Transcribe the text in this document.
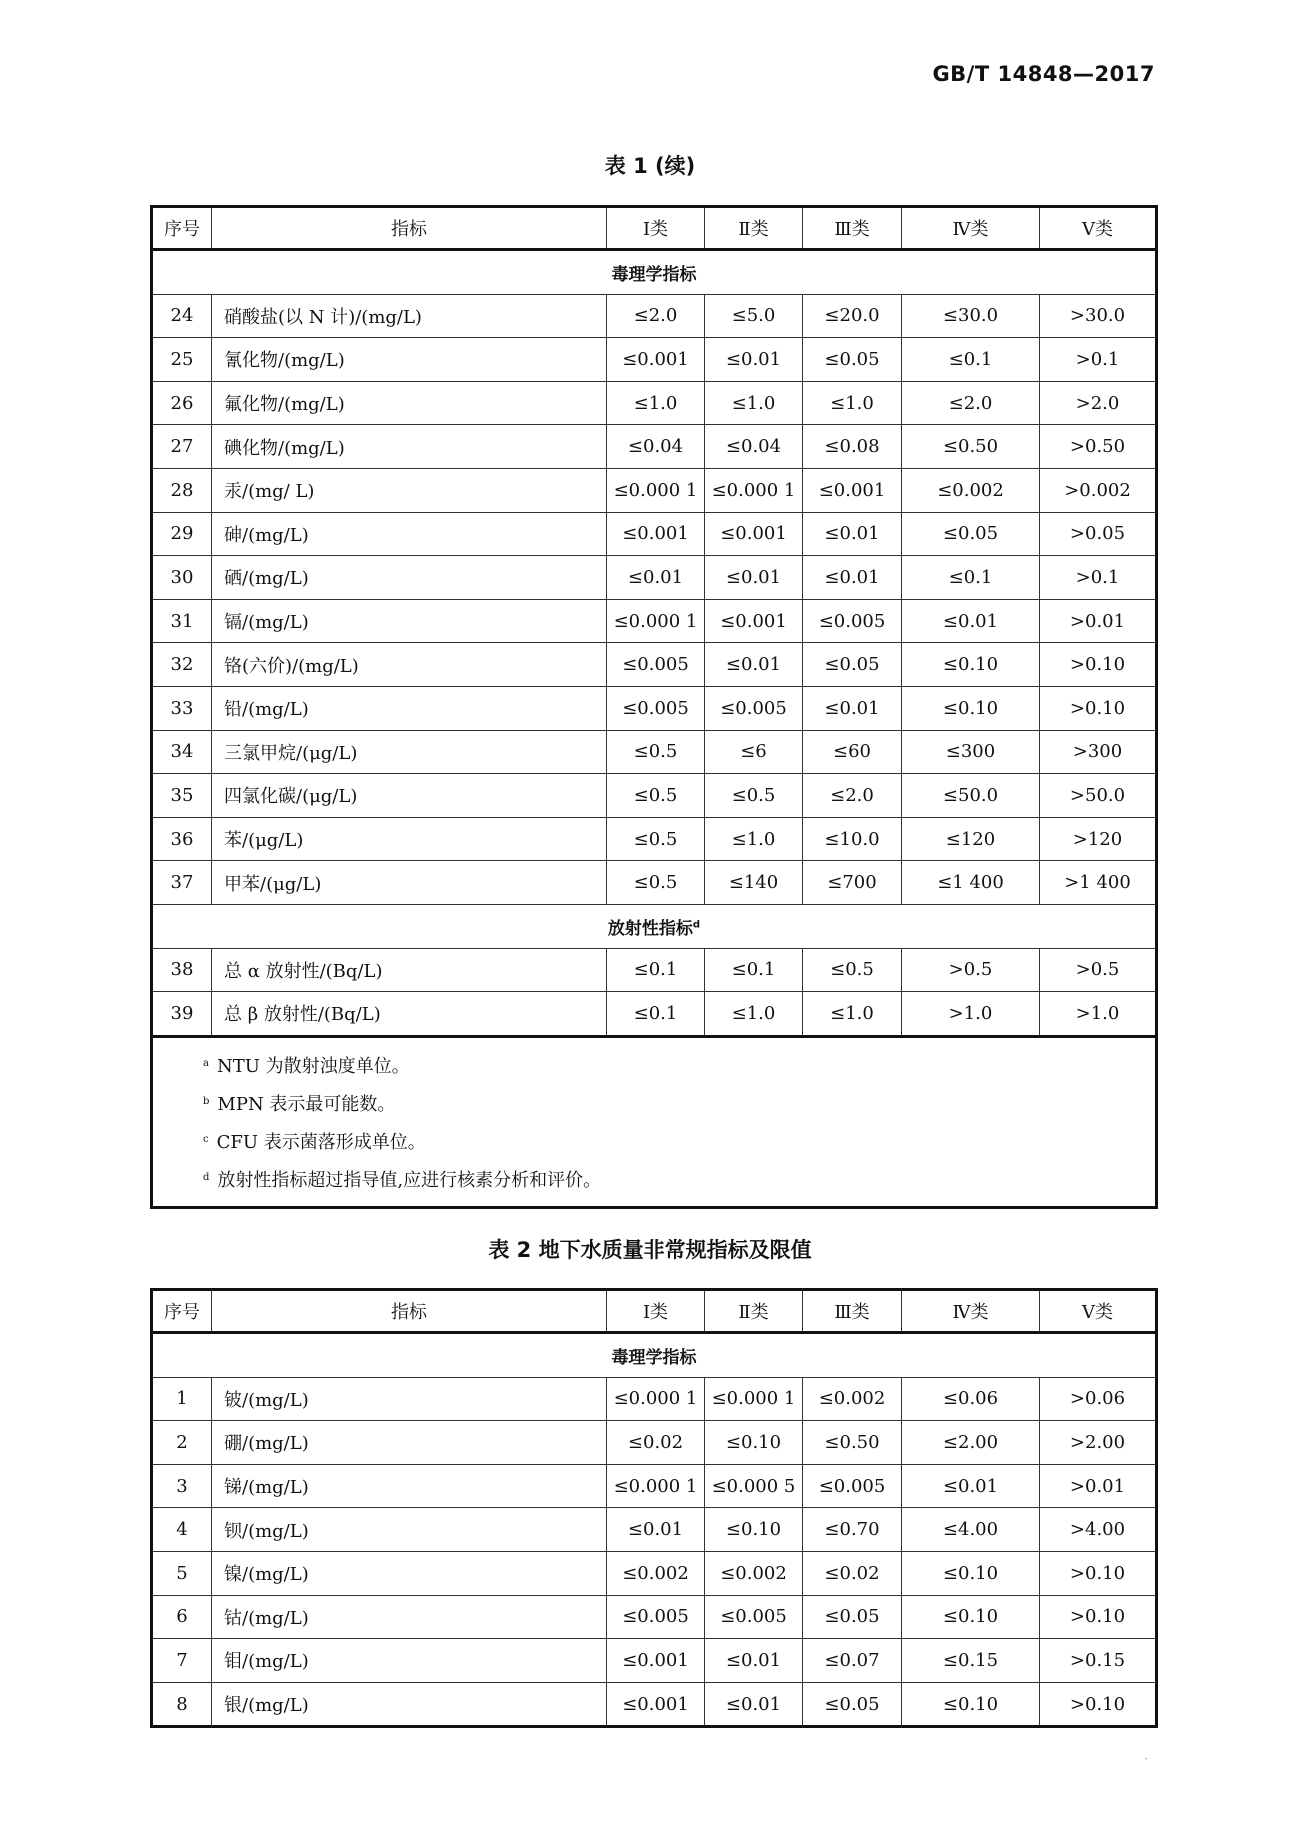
GB/T 14848—2017
表 1 (续)
序号	指标	Ⅰ类	Ⅱ类	Ⅲ类	Ⅳ类	Ⅴ类
毒理学指标						
24	硝酸盐(以 N 计)/(mg/L)	≤2.0	≤5.0	≤20.0	≤30.0	>30.0
25	氰化物/(mg/L)	≤0.001	≤0.01	≤0.05	≤0.1	>0.1
26	氟化物/(mg/L)	≤1.0	≤1.0	≤1.0	≤2.0	>2.0
27	碘化物/(mg/L)	≤0.04	≤0.04	≤0.08	≤0.50	>0.50
28	汞/(mg/ L)	≤0.000 1	≤0.000 1	≤0.001	≤0.002	>0.002
29	砷/(mg/L)	≤0.001	≤0.001	≤0.01	≤0.05	>0.05
30	硒/(mg/L)	≤0.01	≤0.01	≤0.01	≤0.1	>0.1
31	镉/(mg/L)	≤0.000 1	≤0.001	≤0.005	≤0.01	>0.01
32	铬(六价)/(mg/L)	≤0.005	≤0.01	≤0.05	≤0.10	>0.10
33	铅/(mg/L)	≤0.005	≤0.005	≤0.01	≤0.10	>0.10
34	三氯甲烷/(μg/L)	≤0.5	≤6	≤60	≤300	>300
35	四氯化碳/(μg/L)	≤0.5	≤0.5	≤2.0	≤50.0	>50.0
36	苯/(μg/L)	≤0.5	≤1.0	≤10.0	≤120	>120
37	甲苯/(μg/L)	≤0.5	≤140	≤700	≤1 400	>1 400
放射性指标$^d$
38	总 α 放射性/(Bq/L)	≤0.1	≤0.1	≤0.5	>0.5	>0.5
39	总 β 放射性/(Bq/L)	≤0.1	≤1.0	≤1.0	>1.0	>1.0

$^a$ NTU 为散射浊度单位。
$^b$ MPN 表示最可能数。
$^c$ CFU 表示菌落形成单位。
$^d$ 放射性指标超过指导值,应进行核素分析和评价。						
表 2 地下水质量非常规指标及限值
序号	指标	Ⅰ类	Ⅱ类	Ⅲ类	Ⅳ类	Ⅴ类
毒理学指标						
1	铍/(mg/L)	≤0.000 1	≤0.000 1	≤0.002	≤0.06	>0.06
2	硼/(mg/L)	≤0.02	≤0.10	≤0.50	≤2.00	>2.00
3	锑/(mg/L)	≤0.000 1	≤0.000 5	≤0.005	≤0.01	>0.01
4	钡/(mg/L)	≤0.01	≤0.10	≤0.70	≤4.00	>4.00
5	镍/(mg/L)	≤0.002	≤0.002	≤0.02	≤0.10	>0.10
6	钴/(mg/L)	≤0.005	≤0.005	≤0.05	≤0.10	>0.10
7	钼/(mg/L)	≤0.001	≤0.01	≤0.07	≤0.15	>0.15
8	银/(mg/L)	≤0.001	≤0.01	≤0.05	≤0.10	>0.10
·
